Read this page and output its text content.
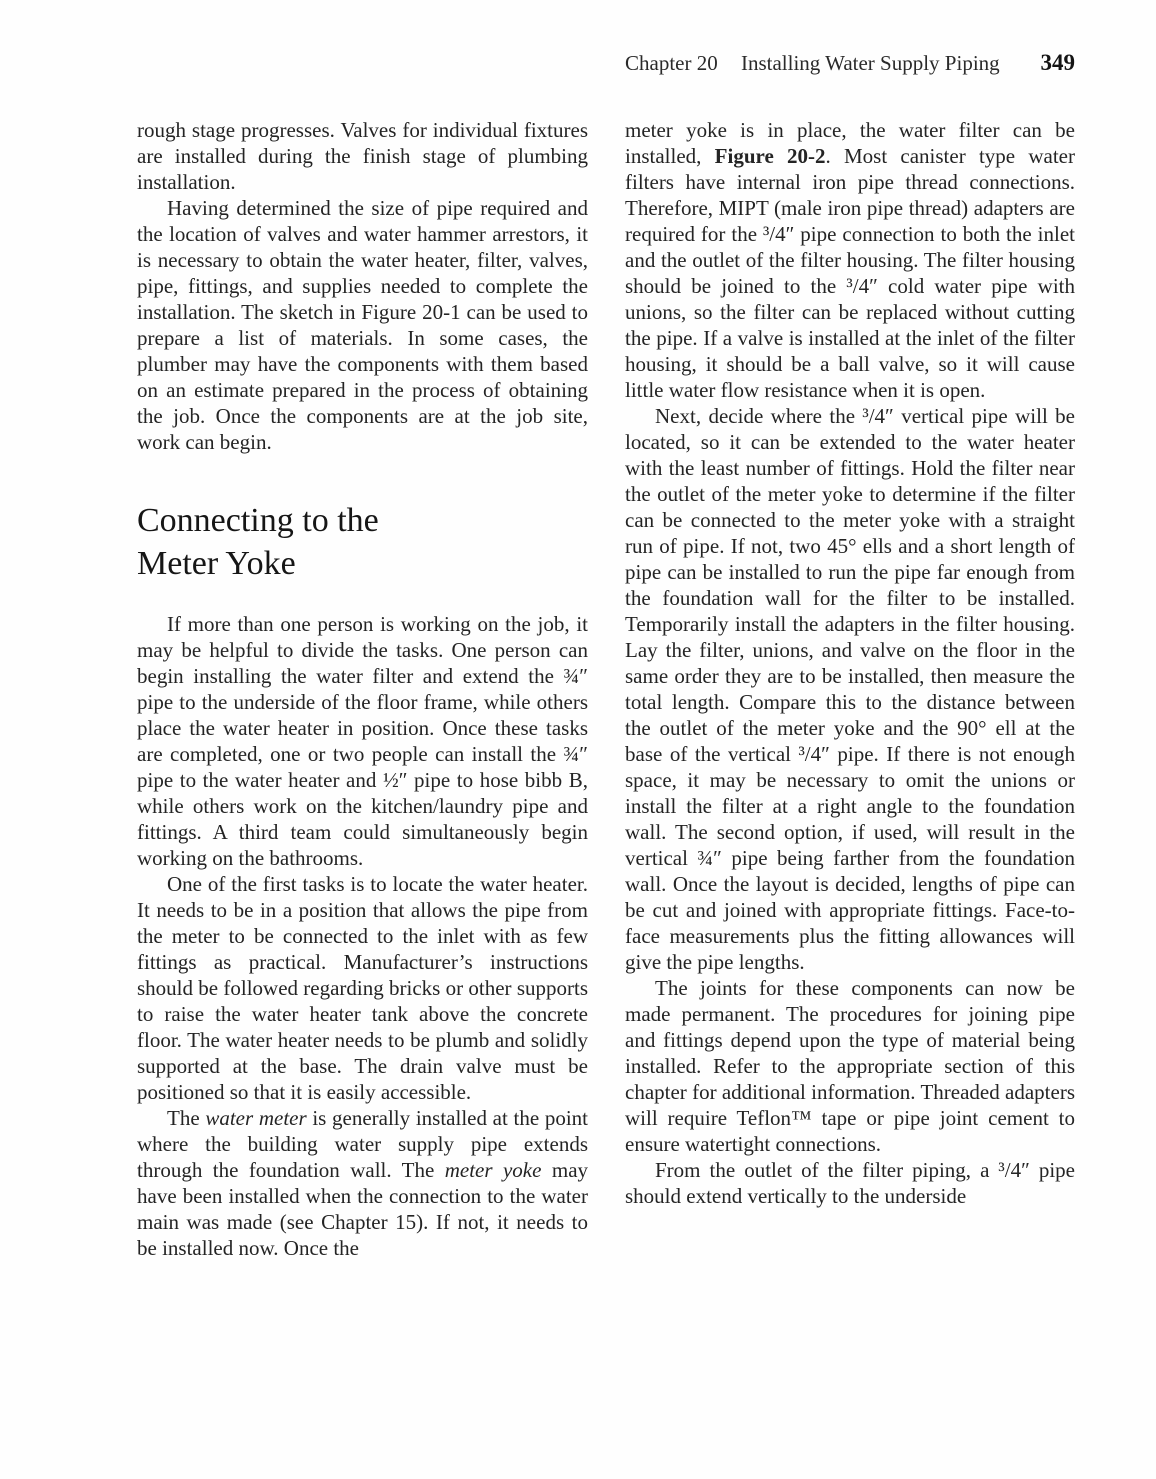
Chapter 20 Installing Water Supply Piping 349

rough stage progresses. Valves for individual fixtures are installed during the finish stage of plumbing installation.

Having determined the size of pipe required and the location of valves and water hammer arrestors, it is necessary to obtain the water heater, filter, valves, pipe, fittings, and supplies needed to complete the installation. The sketch in Figure 20-1 can be used to prepare a list of materials. In some cases, the plumber may have the components with them based on an estimate prepared in the process of obtaining the job. Once the components are at the job site, work can begin.

Connecting to the
Meter Yoke

If more than one person is working on the job, it may be helpful to divide the tasks. One person can begin installing the water filter and extend the ¾″ pipe to the underside of the floor frame, while others place the water heater in position. Once these tasks are completed, one or two people can install the ¾″ pipe to the water heater and ½″ pipe to hose bibb B, while others work on the kitchen/laundry pipe and fittings. A third team could simultaneously begin working on the bathrooms.

One of the first tasks is to locate the water heater. It needs to be in a position that allows the pipe from the meter to be connected to the inlet with as few fittings as practical. Manufacturer’s instructions should be followed regarding bricks or other supports to raise the water heater tank above the concrete floor. The water heater needs to be plumb and solidly supported at the base. The drain valve must be positioned so that it is easily accessible.

The water meter is generally installed at the point where the building water supply pipe extends through the foundation wall. The meter yoke may have been installed when the connection to the water main was made (see Chapter 15). If not, it needs to be installed now. Once the

meter yoke is in place, the water filter can be installed, Figure 20-2. Most canister type water filters have internal iron pipe thread connections. Therefore, MIPT (male iron pipe thread) adapters are required for the ³/4″ pipe connection to both the inlet and the outlet of the filter housing. The filter housing should be joined to the ³/4″ cold water pipe with unions, so the filter can be replaced without cutting the pipe. If a valve is installed at the inlet of the filter housing, it should be a ball valve, so it will cause little water flow resistance when it is open.

Next, decide where the ³/4″ vertical pipe will be located, so it can be extended to the water heater with the least number of fittings. Hold the filter near the outlet of the meter yoke to determine if the filter can be connected to the meter yoke with a straight run of pipe. If not, two 45° ells and a short length of pipe can be installed to run the pipe far enough from the foundation wall for the filter to be installed. Temporarily install the adapters in the filter housing. Lay the filter, unions, and valve on the floor in the same order they are to be installed, then measure the total length. Compare this to the distance between the outlet of the meter yoke and the 90° ell at the base of the vertical ³/4″ pipe. If there is not enough space, it may be necessary to omit the unions or install the filter at a right angle to the foundation wall. The second option, if used, will result in the vertical ¾″ pipe being farther from the foundation wall. Once the layout is decided, lengths of pipe can be cut and joined with appropriate fittings. Face-to-face measurements plus the fitting allowances will give the pipe lengths.

The joints for these components can now be made permanent. The procedures for joining pipe and fittings depend upon the type of material being installed. Refer to the appropriate section of this chapter for additional information. Threaded adapters will require Teflon™ tape or pipe joint cement to ensure watertight connections.

From the outlet of the filter piping, a ³/4″ pipe should extend vertically to the underside
